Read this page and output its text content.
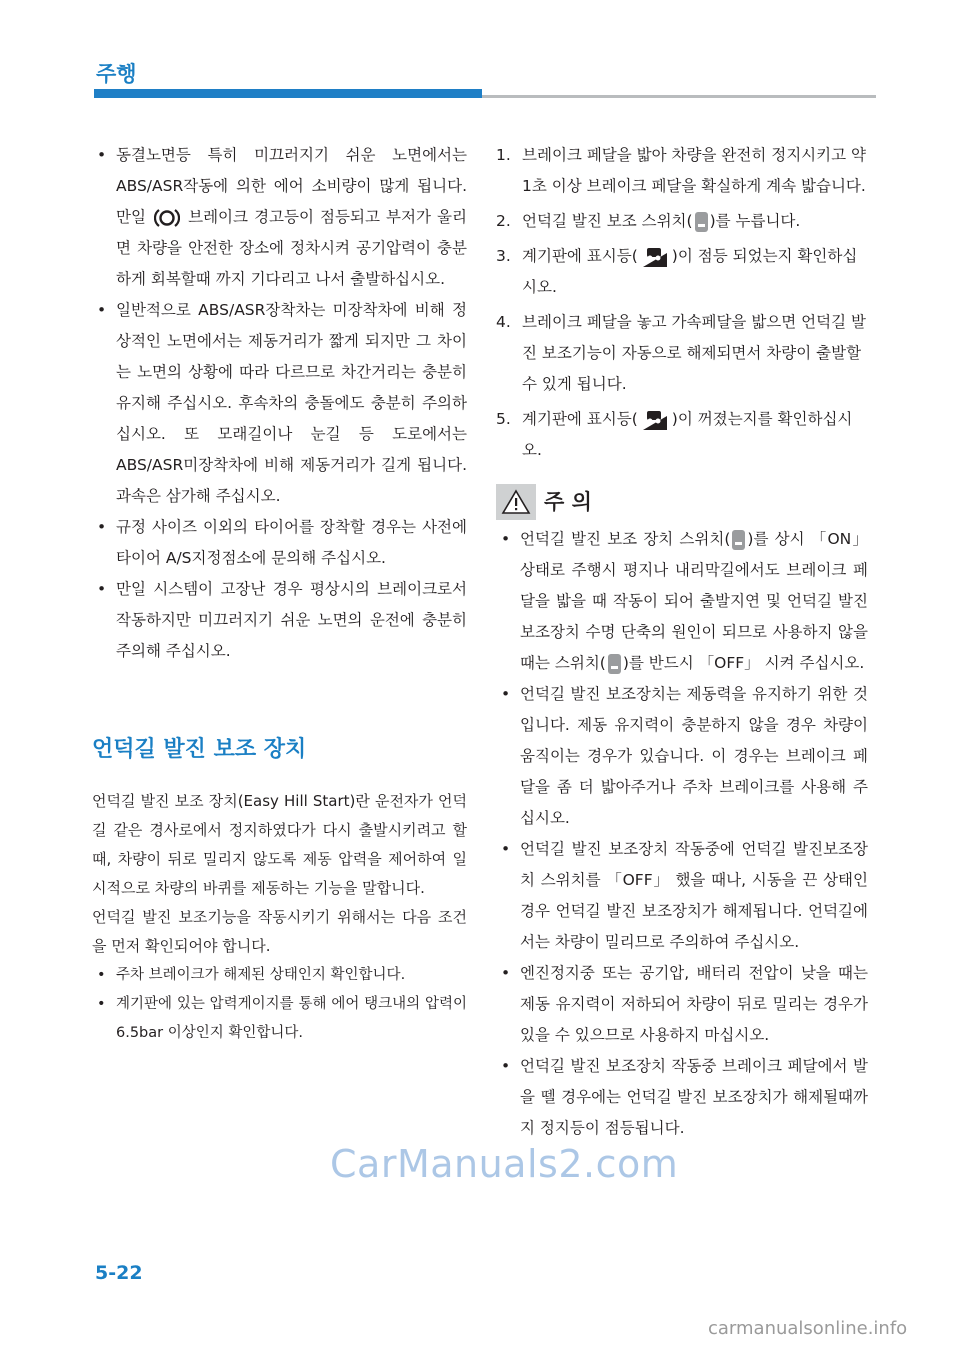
주행
• 동결노면등 특히 미끄러지기 쉬운 노면에서는 ABS/ASR작동에 의한 에어 소비량이 많게 됩니다. 만일	브레이크 경고등이 점등되고 부저가 울리면 차량을 안전한 장소에 정차시켜 공기압력이 충분하게 회복할때 까지 기다리고 나서 출발하십시오.
• 일반적으로 ABS/ASR장착차는 미장착차에 비해 정상적인 노면에서는 제동거리가 짧게 되지만 그 차이는 노면의 상황에 따라 다르므로 차간거리는 충분히 유지해 주십시오. 후속차의 충돌에도 충분히 주의하십시오. 또 모래길이나 눈길 등 도로에서는 ABS/ASR미장착차에 비해 제동거리가 길게 됩니다. 과속은 삼가해 주십시오.
• 규정 사이즈 이외의 타이어를 장착할 경우는 사전에 타이어 A/S지정점소에 문의해 주십시오.
• 만일 시스템이 고장난 경우 평상시의 브레이크로서 작동하지만 미끄러지기 쉬운 노면의 운전에 충분히 주의해 주십시오.
언덕길 발진 보조 장치
언덕길 발진 보조 장치(Easy Hill Start)란 운전자가 언덕길 같은 경사로에서 정지하였다가 다시 출발시키려고 할 때, 차량이 뒤로 밀리지 않도록 제동 압력을 제어하여 일시적으로 차량의 바퀴를 제동하는 기능을 말합니다.
언덕길 발진 보조기능을 작동시키기 위해서는 다음 조건을 먼저 확인되어야 합니다.
• 주차 브레이크가 해제된 상태인지 확인합니다.
• 계기판에 있는 압력게이지를 통해 에어 탱크내의 압력이 6.5bar 이상인지 확인합니다.
1. 브레이크 페달을 밟아 차량을 완전히 정지시키고 약 1초 이상 브레이크 페달을 확실하게 계속 밟습니다.
2. 언덕길 발진 보조 스위치( )를 누릅니다.
3. 계기판에 표시등( )이 점등 되었는지 확인하십시오.
4. 브레이크 페달을 놓고 가속페달을 밟으면 언덕길 발진 보조기능이 자동으로 해제되면서 차량이 출발할 수 있게 됩니다.
5. 계기판에 표시등( )이 꺼졌는지를 확인하십시오.
주 의
• 언덕길 발진 보조 장치 스위치( )를 상시 「ON」상태로 주행시 평지나 내리막길에서도 브레이크 페달을 밟을 때 작동이 되어 출발지연 및 언덕길 발진 보조장치 수명 단축의 원인이 되므로 사용하지 않을 때는 스위치( )를 반드시 「OFF」 시켜 주십시오.
• 언덕길 발진 보조장치는 제동력을 유지하기 위한 것입니다. 제동 유지력이 충분하지 않을 경우 차량이 움직이는 경우가 있습니다. 이 경우는 브레이크 페달을 좀 더 밟아주거나 주차 브레이크를 사용해 주십시오.
• 언덕길 발진 보조장치 작동중에 언덕길 발진보조장치 스위치를 「OFF」 했을 때나, 시동을 끈 상태인 경우 언덕길 발진 보조장치가 해제됩니다. 언덕길에서는 차량이 밀리므로 주의하여 주십시오.
• 엔진정지중 또는 공기압, 배터리 전압이 낮을 때는 제동 유지력이 저하되어 차량이 뒤로 밀리는 경우가 있을 수 있으므로 사용하지 마십시오.
• 언덕길 발진 보조장치 작동중 브레이크 페달에서 발을 뗄 경우에는 언덕길 발진 보조장치가 해제될때까지 정지등이 점등됩니다.
CarManuals2.com
5-22
carmanualsonline.info
